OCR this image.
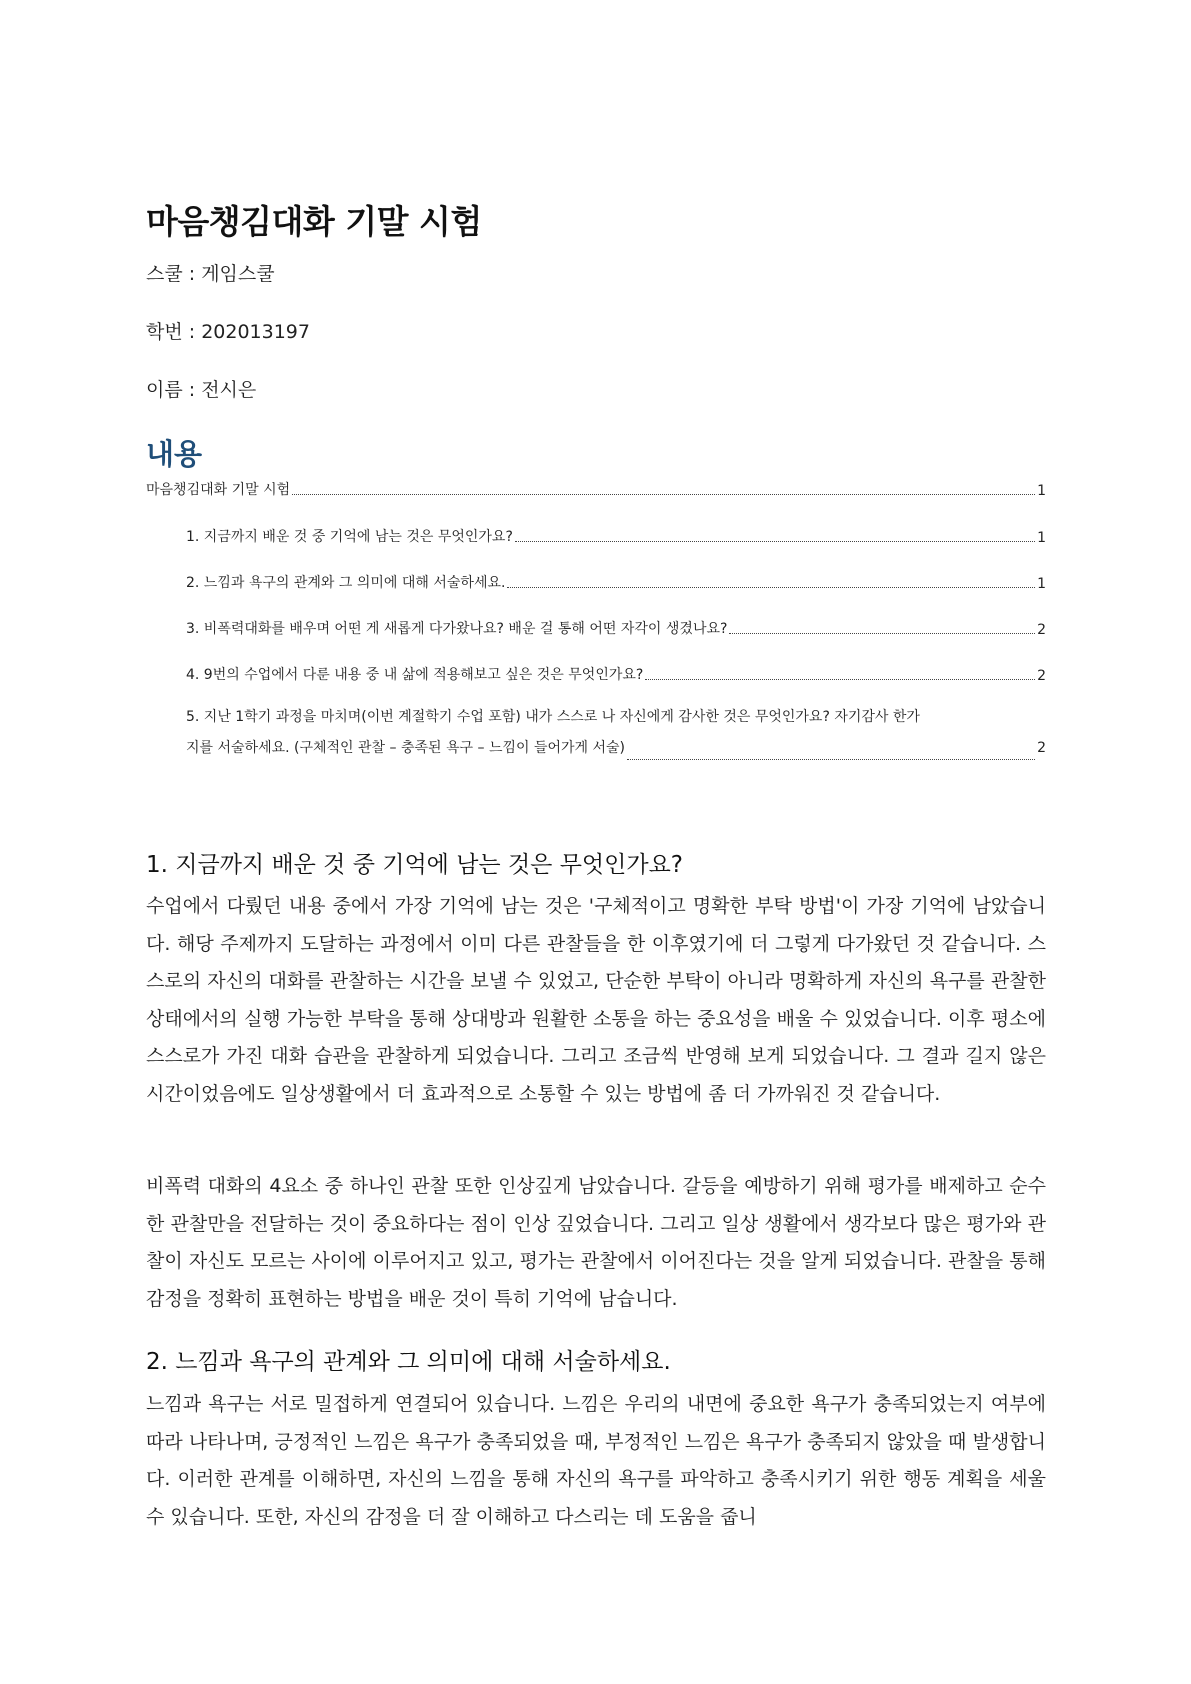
마음챙김대화 기말 시험
스쿨 : 게임스쿨
학번 : 202013197
이름 : 전시은
내용
마음챙김대화 기말 시험	1
1. 지금까지 배운 것 중 기억에 남는 것은 무엇인가요?	1
2. 느낌과 욕구의 관계와 그 의미에 대해 서술하세요.	1
3. 비폭력대화를 배우며 어떤 게 새롭게 다가왔나요? 배운 걸 통해 어떤 자각이 생겼나요?	2
4. 9번의 수업에서 다룬 내용 중 내 삶에 적용해보고 싶은 것은 무엇인가요?	2
5. 지난 1학기 과정을 마치며(이번 계절학기 수업 포함) 내가 스스로 나 자신에게 감사한 것은 무엇인가요? 자기감사 한가
지를 서술하세요. (구체적인 관찰 – 충족된 욕구 – 느낌이 들어가게 서술)	2
1. 지금까지 배운 것 중 기억에 남는 것은 무엇인가요?

수업에서 다뤘던 내용 중에서 가장 기억에 남는 것은 '구체적이고 명확한 부탁 방법'이 가장 기억에 남았습니다. 해당 주제까지 도달하는 과정에서 이미 다른 관찰들을 한 이후였기에 더 그렇게 다가왔던 것 같습니다. 스스로의 자신의 대화를 관찰하는 시간을 보낼 수 있었고, 단순한 부탁이 아니라 명확하게 자신의 욕구를 관찰한 상태에서의 실행 가능한 부탁을 통해 상대방과 원활한 소통을 하는 중요성을 배울 수 있었습니다. 이후 평소에 스스로가 가진 대화 습관을 관찰하게 되었습니다. 그리고 조금씩 반영해 보게 되었습니다. 그 결과 길지 않은 시간이었음에도 일상생활에서 더 효과적으로 소통할 수 있는 방법에 좀 더 가까워진 것 같습니다.

비폭력 대화의 4요소 중 하나인 관찰 또한 인상깊게 남았습니다. 갈등을 예방하기 위해 평가를 배제하고 순수한 관찰만을 전달하는 것이 중요하다는 점이 인상 깊었습니다. 그리고 일상 생활에서 생각보다 많은 평가와 관찰이 자신도 모르는 사이에 이루어지고 있고, 평가는 관찰에서 이어진다는 것을 알게 되었습니다. 관찰을 통해 감정을 정확히 표현하는 방법을 배운 것이 특히 기억에 남습니다.

2. 느낌과 욕구의 관계와 그 의미에 대해 서술하세요.

느낌과 욕구는 서로 밀접하게 연결되어 있습니다. 느낌은 우리의 내면에 중요한 욕구가 충족되었는지 여부에 따라 나타나며, 긍정적인 느낌은 욕구가 충족되었을 때, 부정적인 느낌은 욕구가 충족되지 않았을 때 발생합니다. 이러한 관계를 이해하면, 자신의 느낌을 통해 자신의 욕구를 파악하고 충족시키기 위한 행동 계획을 세울 수 있습니다. 또한, 자신의 감정을 더 잘 이해하고 다스리는 데 도움을 줍니
